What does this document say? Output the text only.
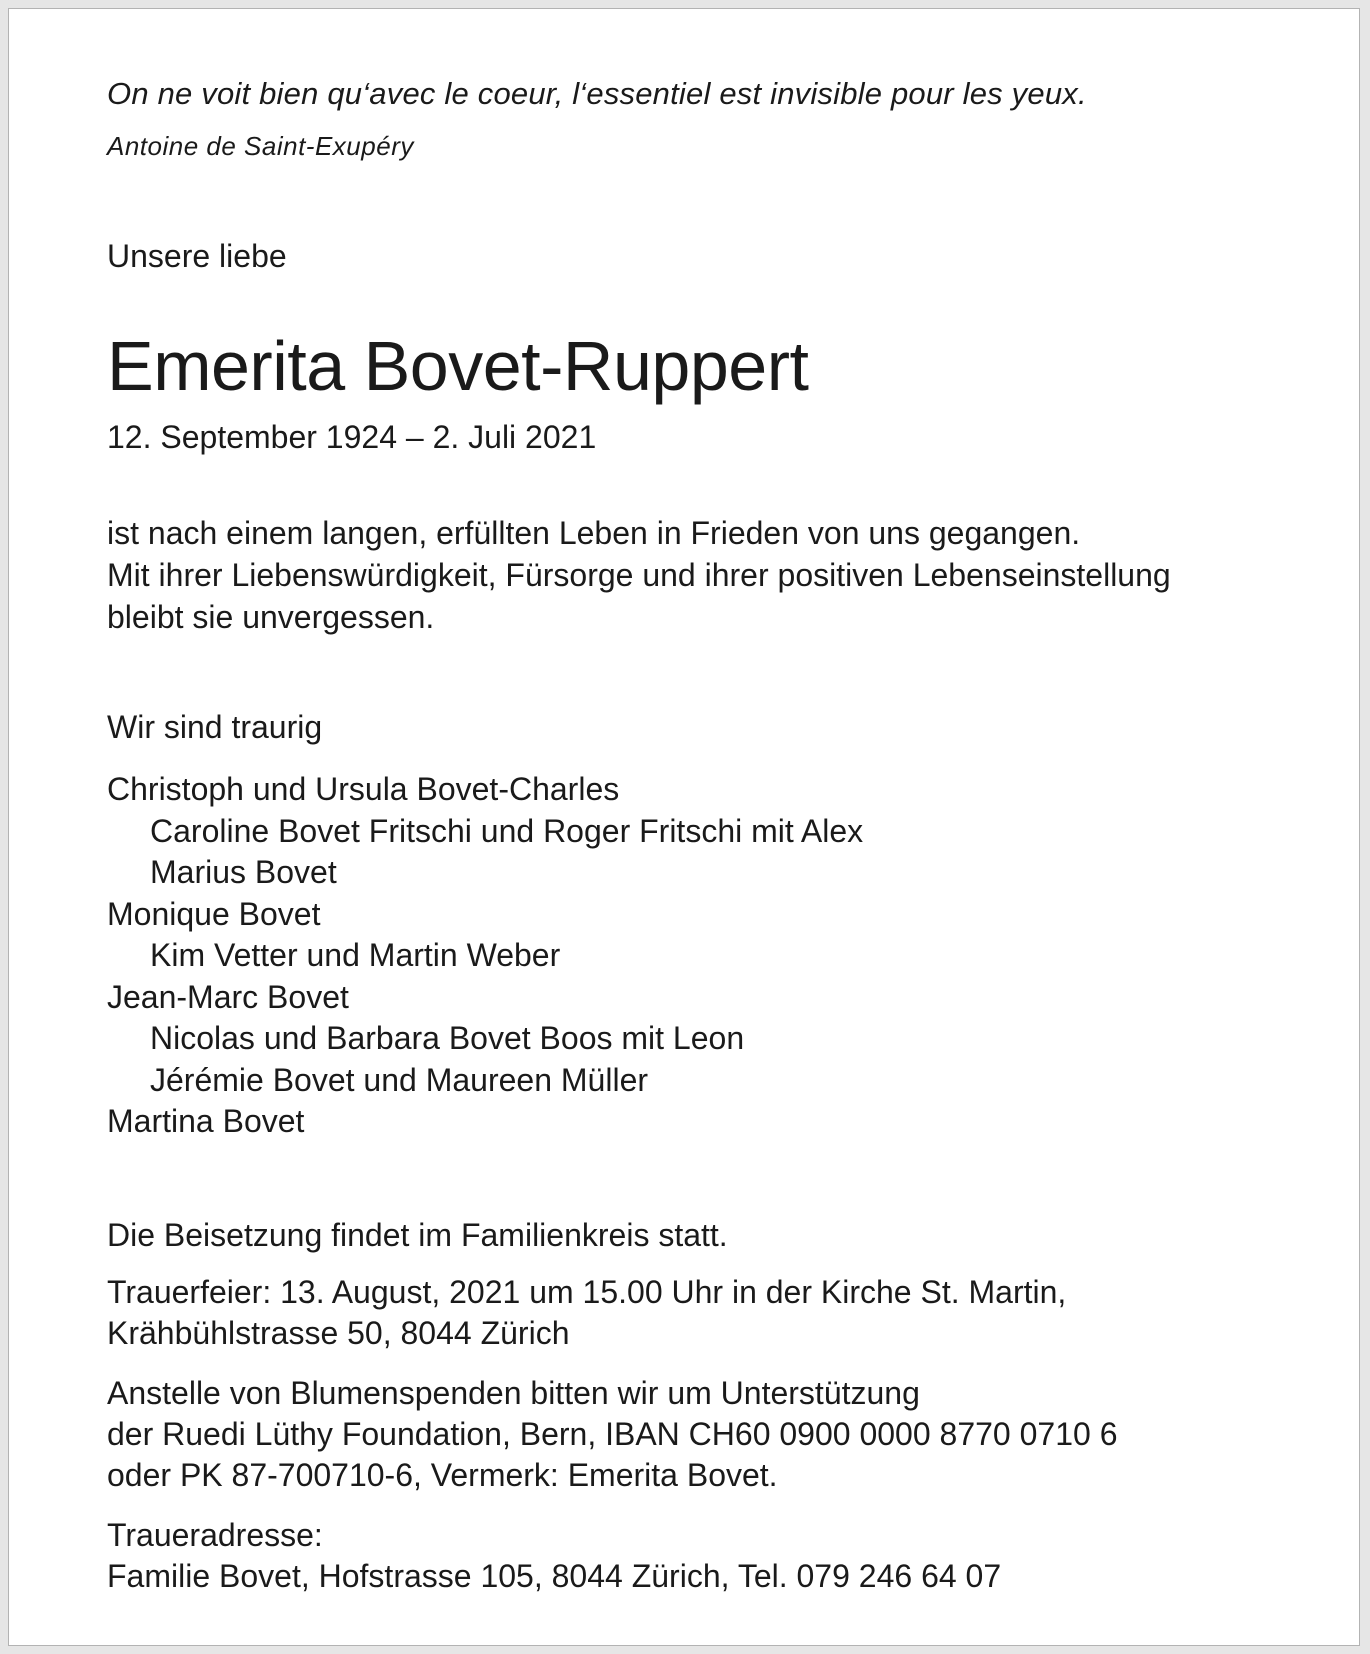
On ne voit bien qu‘avec le coeur, l‘essentiel est invisible pour les yeux.

Antoine de Saint-Exupéry

Unsere liebe

Emerita Bovet-Ruppert

12. September 1924 – 2. Juli 2021

ist nach einem langen, erfüllten Leben in Frieden von uns gegangen.
Mit ihrer Liebenswürdigkeit, Fürsorge und ihrer positiven Lebenseinstellung
bleibt sie unvergessen.

Wir sind traurig

Christoph und Ursula Bovet-Charles
Caroline Bovet Fritschi und Roger Fritschi mit Alex
Marius Bovet
Monique Bovet
Kim Vetter und Martin Weber
Jean-Marc Bovet
Nicolas und Barbara Bovet Boos mit Leon
Jérémie Bovet und Maureen Müller
Martina Bovet

Die Beisetzung findet im Familienkreis statt.

Trauerfeier: 13. August, 2021 um 15.00 Uhr in der Kirche St. Martin,
Krähbühlstrasse 50, 8044 Zürich

Anstelle von Blumenspenden bitten wir um Unterstützung
der Ruedi Lüthy Foundation, Bern, IBAN CH60 0900 0000 8770 0710 6
oder PK 87-700710-6, Vermerk: Emerita Bovet.

Traueradresse:
Familie Bovet, Hofstrasse 105, 8044 Zürich, Tel. 079 246 64 07
